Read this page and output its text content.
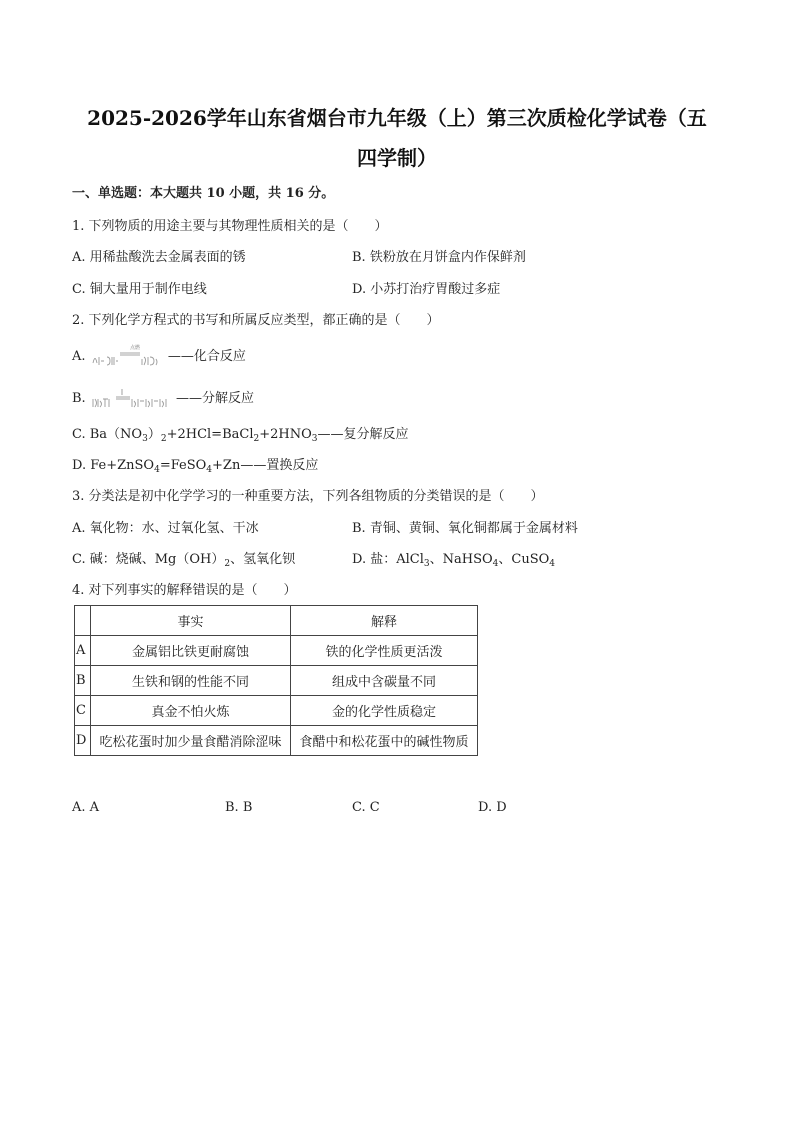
2025-2026学年山东省烟台市九年级（上）第三次质检化学试卷（五
四学制）
一、单选题：本大题共 10 小题，共 16 分。
1. 下列物质的用途主要与其物理性质相关的是（　　）
A. 用稀盐酸洗去金属表面的锈	B. 铁粉放在月饼盒内作保鲜剂
C. 铜大量用于制作电线	D. 小苏打治疗胃酸过多症
2. 下列化学方程式的书写和所属反应类型，都正确的是（　　）
A.
点燃
——化合反应
B.	——分解反应
C. $Ba(NO_3)_2+2HCl=BaCl_2+2HNO_3——$复分解反应
D. Fe+ZnSO$_4$=FeSO$_4$+Zn——置换反应
3. 分类法是初中化学学习的一种重要方法，下列各组物质的分类错误的是（　　）
A. 氧化物：水、过氧化氢、干冰	B. 青铜、黄铜、氧化铜都属于金属材料
C. 碱：烧碱、$Mg(OH)_2$、氢氧化钡	D. 盐：AlCl$_3$、NaHSO$_4$、CuSO$_4$
4. 对下列事实的解释错误的是（　　）
	事实	解释
A	金属铝比铁更耐腐蚀	铁的化学性质更活泼
B	生铁和钢的性能不同	组成中含碳量不同
C	真金不怕火炼	金的化学性质稳定
D	吃松花蛋时加少量食醋消除涩味	食醋中和松花蛋中的碱性物质
A. A	B. B	C. C	D. D
